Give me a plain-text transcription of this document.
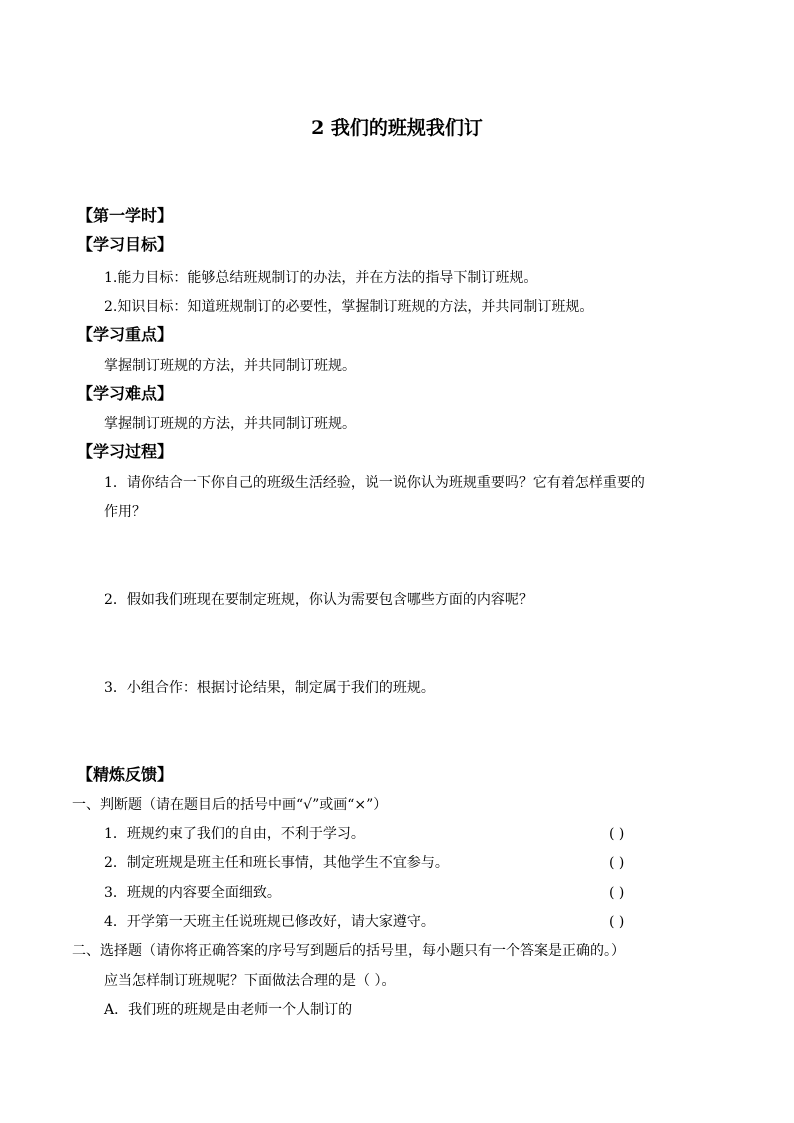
2 我们的班规我们订
【第一学时】
【学习目标】
1.能力目标：能够总结班规制订的办法，并在方法的指导下制订班规。
2.知识目标：知道班规制订的必要性，掌握制订班规的方法，并共同制订班规。
【学习重点】
掌握制订班规的方法，并共同制订班规。
【学习难点】
掌握制订班规的方法，并共同制订班规。
【学习过程】
1．请你结合一下你自己的班级生活经验，说一说你认为班规重要吗？它有着怎样重要的
作用？
2．假如我们班现在要制定班规，你认为需要包含哪些方面的内容呢？
3．小组合作：根据讨论结果，制定属于我们的班规。
【精炼反馈】
一、判断题（请在题目后的括号中画“√”或画“×”）
1．班规约束了我们的自由，不利于学习。	( )
2．制定班规是班主任和班长事情，其他学生不宜参与。	( )
3．班规的内容要全面细致。	( )
4．开学第一天班主任说班规已修改好，请大家遵守。	( )
二、选择题（请你将正确答案的序号写到题后的括号里，每小题只有一个答案是正确的。）
应当怎样制订班规呢？下面做法合理的是（ ）。
A．我们班的班规是由老师一个人制订的
